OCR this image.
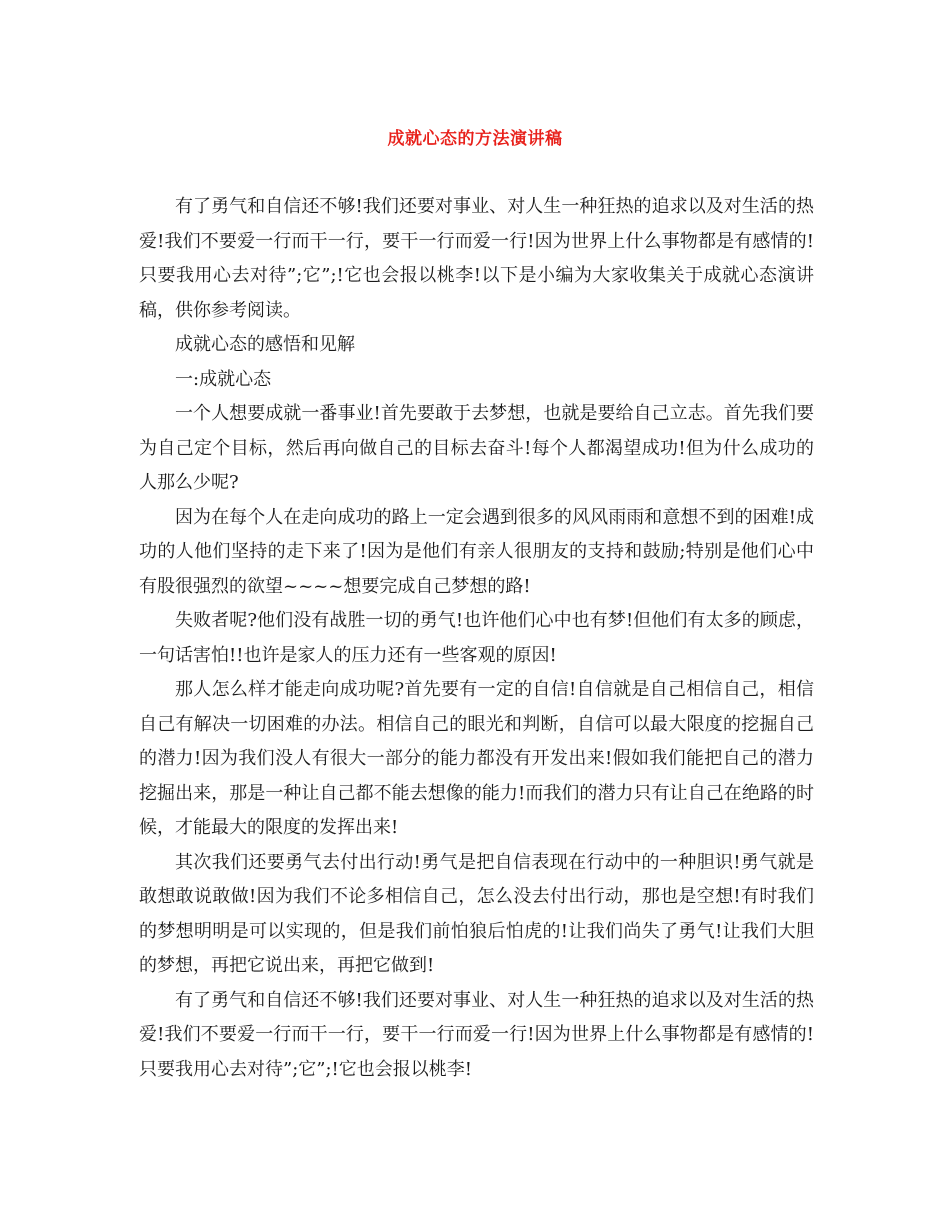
成就心态的方法演讲稿

有了勇气和自信还不够!我们还要对事业、对人生一种狂热的追求以及对生活的热爱!我们不要爱一行而干一行，要干一行而爱一行!因为世界上什么事物都是有感情的!只要我用心去对待”;它”;!它也会报以桃李!以下是小编为大家收集关于成就心态演讲稿，供你参考阅读。

成就心态的感悟和见解

一:成就心态

一个人想要成就一番事业!首先要敢于去梦想，也就是要给自己立志。首先我们要为自己定个目标，然后再向做自己的目标去奋斗!每个人都渴望成功!但为什么成功的人那么少呢?

因为在每个人在走向成功的路上一定会遇到很多的风风雨雨和意想不到的困难!成功的人他们坚持的走下来了!因为是他们有亲人很朋友的支持和鼓励;特别是他们心中有股很强烈的欲望~~~~想要完成自己梦想的路!

失败者呢?他们没有战胜一切的勇气!也许他们心中也有梦!但他们有太多的顾虑，一句话害怕!!也许是家人的压力还有一些客观的原因!

那人怎么样才能走向成功呢?首先要有一定的自信!自信就是自己相信自己，相信自己有解决一切困难的办法。相信自己的眼光和判断，自信可以最大限度的挖掘自己的潜力!因为我们没人有很大一部分的能力都没有开发出来!假如我们能把自己的潜力挖掘出来，那是一种让自己都不能去想像的能力!而我们的潜力只有让自己在绝路的时候，才能最大的限度的发挥出来!

其次我们还要勇气去付出行动!勇气是把自信表现在行动中的一种胆识!勇气就是敢想敢说敢做!因为我们不论多相信自己，怎么没去付出行动，那也是空想!有时我们的梦想明明是可以实现的，但是我们前怕狼后怕虎的!让我们尚失了勇气!让我们大胆的梦想，再把它说出来，再把它做到!

有了勇气和自信还不够!我们还要对事业、对人生一种狂热的追求以及对生活的热爱!我们不要爱一行而干一行，要干一行而爱一行!因为世界上什么事物都是有感情的!只要我用心去对待”;它”;!它也会报以桃李!
